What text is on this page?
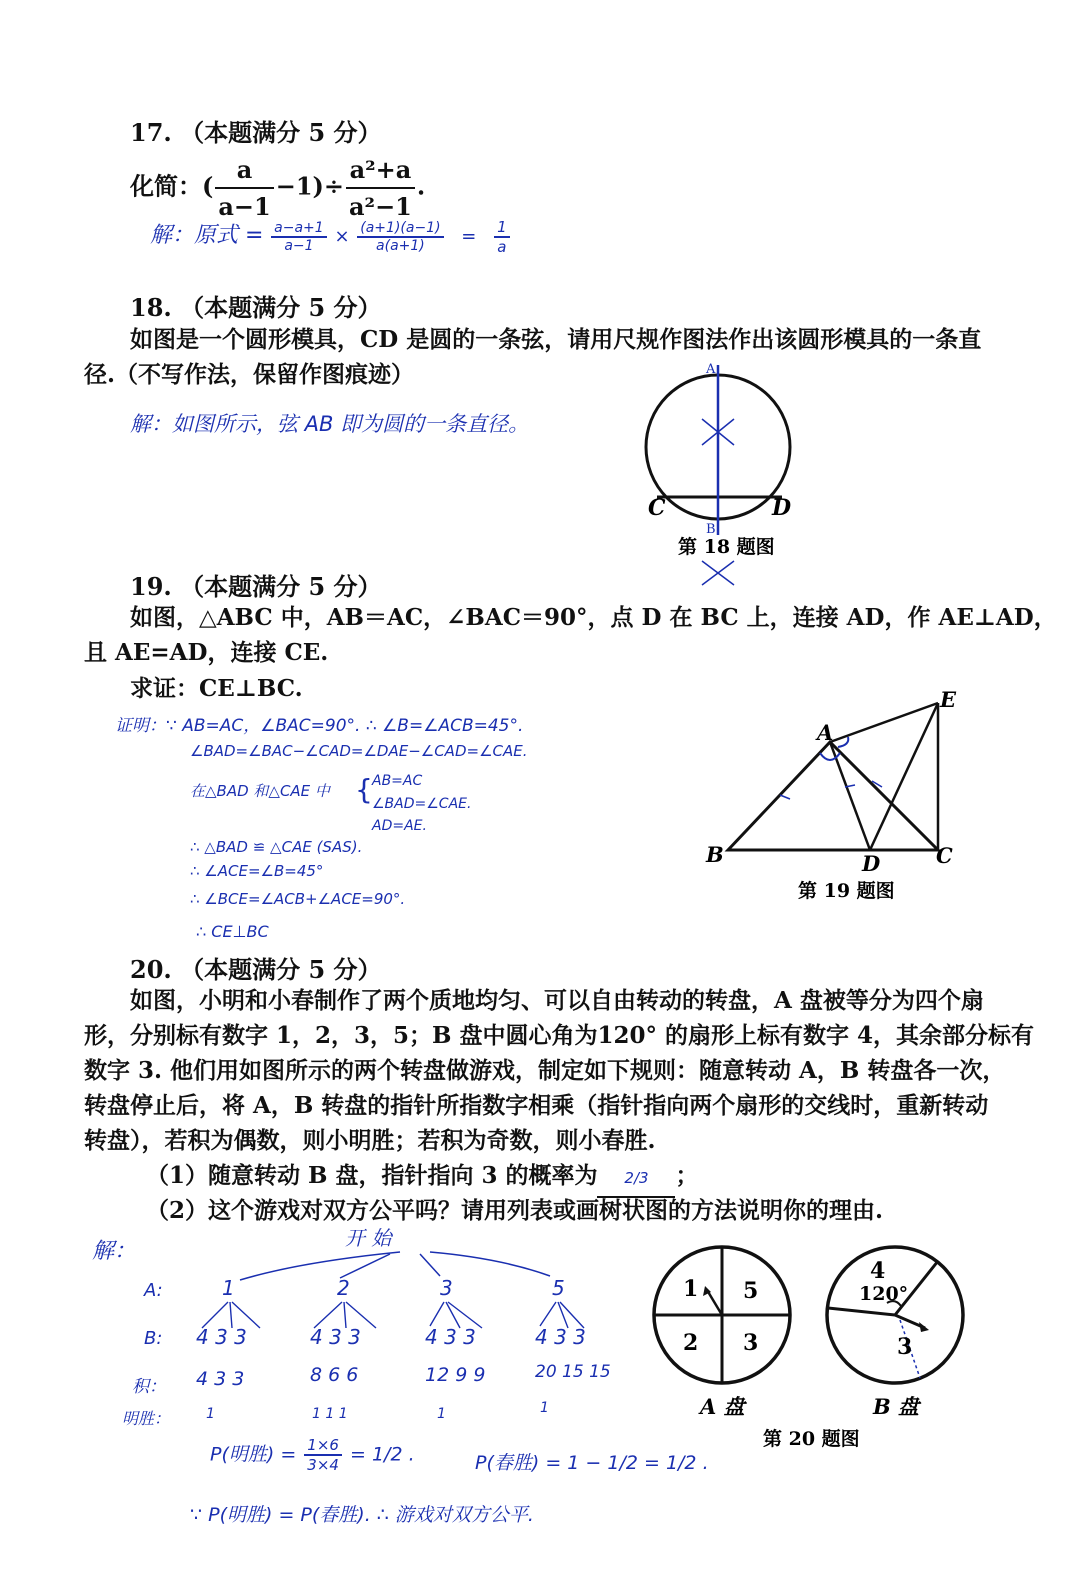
17. （本题满分 5 分）
化简：( $\frac{a}{a-1} -1)\div \frac{\text{a²+a}}{\text{a²−1}}$ .
解：原式 = $\frac{a-a+1}{a-1} \times \frac{(a+1)(a-1)}{a(a+1)} = \frac{1}{a}$
18. （本题满分 5 分）
如图是一个圆形模具，CD 是圆的一条弦，请用尺规作图法作出该圆形模具的一条直
径.（不写作法，保留作图痕迹）
解：如图所示，弦 AB 即为圆的一条直径。
A
B
C	D
第 18 题图
19. （本题满分 5 分）
如图，△ABC 中，AB＝AC，∠BAC＝90°，点 D 在 BC 上，连接 AD，作 AE⊥AD，
且 AE=AD，连接 CE.
求证：CE⊥BC.
证明：∵ AB=AC，∠BAC=90°. ∴ ∠B=∠ACB=45°.
∠BAD=∠BAC−∠CAD=∠DAE−∠CAD=∠CAE.
在△BAD 和△CAE 中 { AB=AC
∠BAD=∠CAE.
AD=AE.
∴ △BAD ≌ △CAE (SAS).
∴ ∠ACE=∠B=45°
∴ ∠BCE=∠ACB+∠ACE=90°.
∴ CE⊥BC
A
B	C
D
E
第 19 题图
20. （本题满分 5 分）
如图，小明和小春制作了两个质地均匀、可以自由转动的转盘，A 盘被等分为四个扇
形，分别标有数字 1，2，3，5；B 盘中圆心角为120° 的扇形上标有数字 4，其余部分标有
数字 3. 他们用如图所示的两个转盘做游戏，制定如下规则：随意转动 A，B 转盘各一次，
转盘停止后，将 A，B 转盘的指针所指数字相乘（指针指向两个扇形的交线时，重新转动
转盘），若积为偶数，则小明胜；若积为奇数，则小春胜.
（1）随意转动 B 盘，指针指向 3 的概率为 2/3 ；
（2）这个游戏对双方公平吗？请用列表或画树状图的方法说明你的理由.
解：
开 始
A:	1	2	3	5
B: 4 3 3	4 3 3	4 3 3	4 3 3
积： 4 3 3	8 6 6	12 9 9	20 15 15
明胜：	1	1 1 1	1	1
P(明胜) = $\frac{1\times 6}{3\times 4} = 1/2$ .	P(春胜) = 1 − 1/2 = 1/2 .
∵ P(明胜) = P(春胜). ∴ 游戏对双方公平.
1 5
2 3
4
120°
3
A 盘	B 盘
第 20 题图
